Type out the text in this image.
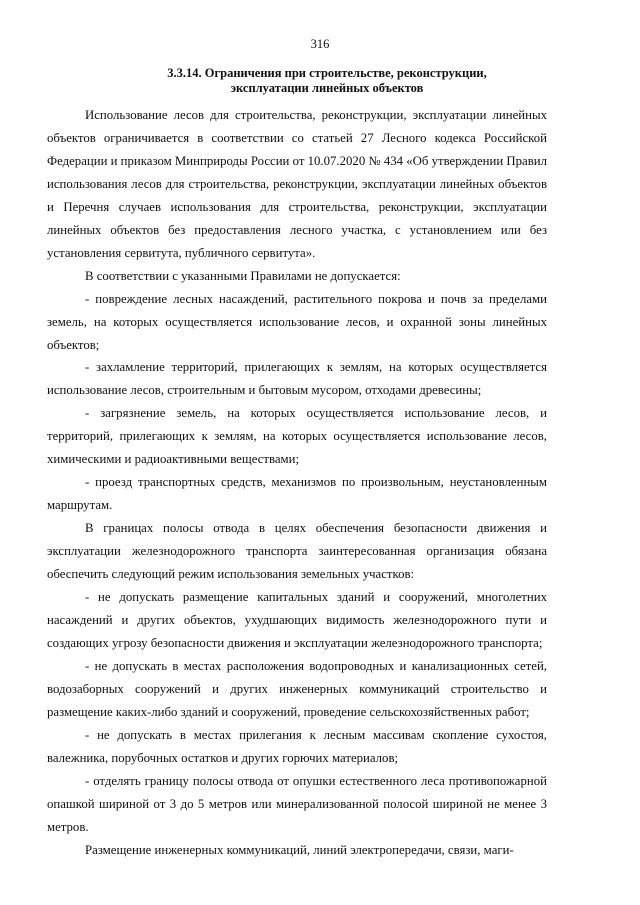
316
3.3.14. Ограничения при строительстве, реконструкции,
эксплуатации линейных объектов

Использование лесов для строительства, реконструкции, эксплуатации линейных объектов ограничивается в соответствии со статьей 27 Лесного кодекса Российской Федерации и приказом Минприроды России от 10.07.2020 № 434 «Об утверждении Правил использования лесов для строительства, реконструкции, эксплуатации линейных объектов и Перечня случаев использования для строительства, реконструкции, эксплуатации линейных объектов без предоставления лесного участка, с установлением или без установления сервитута, публичного сервитута».

В соответствии с указанными Правилами не допускается:

- повреждение лесных насаждений, растительного покрова и почв за пределами земель, на которых осуществляется использование лесов, и охранной зоны линейных объектов;

- захламление территорий, прилегающих к землям, на которых осуществляется использование лесов, строительным и бытовым мусором, отходами древесины;

- загрязнение земель, на которых осуществляется использование лесов, и территорий, прилегающих к землям, на которых осуществляется использование лесов, химическими и радиоактивными веществами;

- проезд транспортных средств, механизмов по произвольным, неустановленным маршрутам.

В границах полосы отвода в целях обеспечения безопасности движения и эксплуатации железнодорожного транспорта заинтересованная организация обязана обеспечить следующий режим использования земельных участков:

- не допускать размещение капитальных зданий и сооружений, многолетних насаждений и других объектов, ухудшающих видимость железнодорожного пути и создающих угрозу безопасности движения и эксплуатации железнодорожного транспорта;

- не допускать в местах расположения водопроводных и канализационных сетей, водозаборных сооружений и других инженерных коммуникаций строительство и размещение каких-либо зданий и сооружений, проведение сельскохозяйственных работ;

- не допускать в местах прилегания к лесным массивам скопление сухостоя, валежника, порубочных остатков и других горючих материалов;

- отделять границу полосы отвода от опушки естественного леса противопожарной опашкой шириной от 3 до 5 метров или минерализованной полосой шириной не менее 3 метров.

Размещение инженерных коммуникаций, линий электропередачи, связи, маги-
